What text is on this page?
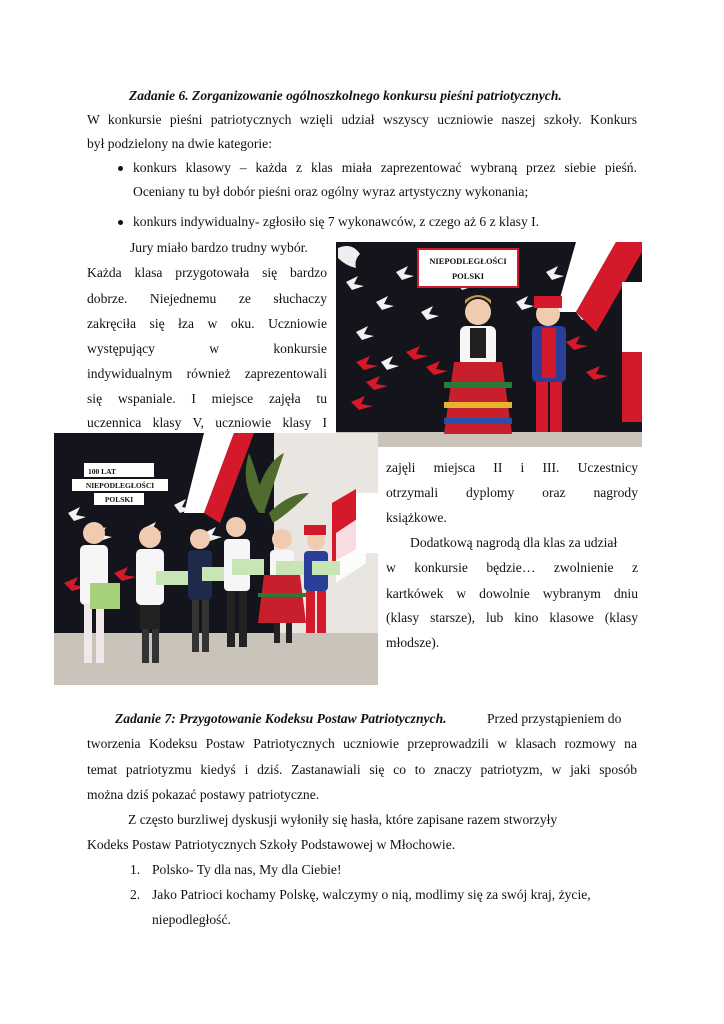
Zadanie 6. Zorganizowanie ogólnoszkolnego konkursu pieśni patriotycznych.
W konkursie pieśni patriotycznych wzięli udział wszyscy uczniowie naszej szkoły. Konkurs
był podzielony na dwie kategorie:
konkurs klasowy – każda z klas miała zaprezentować wybraną przez siebie pieśń.
Oceniany tu był dobór pieśni oraz ogólny wyraz artystyczny wykonania;
konkurs indywidualny- zgłosiło się 7 wykonawców, z czego aż 6 z klasy I.
Jury miało bardzo trudny wybór.
Każda klasa przygotowała się bardzo
dobrze. Niejednemu ze słuchaczy
zakręciła się łza w oku. Uczniowie
występujący w konkursie
indywidualnym również zaprezentowali
się wspaniale. I miejsce zajęła tu
uczennica klasy V, uczniowie klasy I
NIEPODLEGŁOŚCI
POLSKI
100 LAT
NIEPODLEGŁOŚCI
POLSKI
zajęli miejsca II i III. Uczestnicy
otrzymali dyplomy oraz nagrody
książkowe.
Dodatkową nagrodą dla klas za udział
w konkursie będzie… zwolnienie z
kartkówek w dowolnie wybranym dniu
(klasy starsze), lub kino klasowe (klasy
młodsze).
Zadanie 7: Przygotowanie Kodeksu Postaw Patriotycznych.	Przed przystąpieniem do
tworzenia Kodeksu Postaw Patriotycznych uczniowie przeprowadzili w klasach rozmowy na
temat patriotyzmu kiedyś i dziś. Zastanawiali się co to znaczy patriotyzm, w jaki sposób
można dziś pokazać postawy patriotyczne.
Z często burzliwej dyskusji wyłoniły się hasła, które zapisane razem stworzyły
Kodeks Postaw Patriotycznych Szkoły Podstawowej w Młochowie.
1. Polsko- Ty dla nas, My dla Ciebie!
2. Jako Patrioci kochamy Polskę, walczymy o nią, modlimy się za swój kraj, życie,
niepodległość.
